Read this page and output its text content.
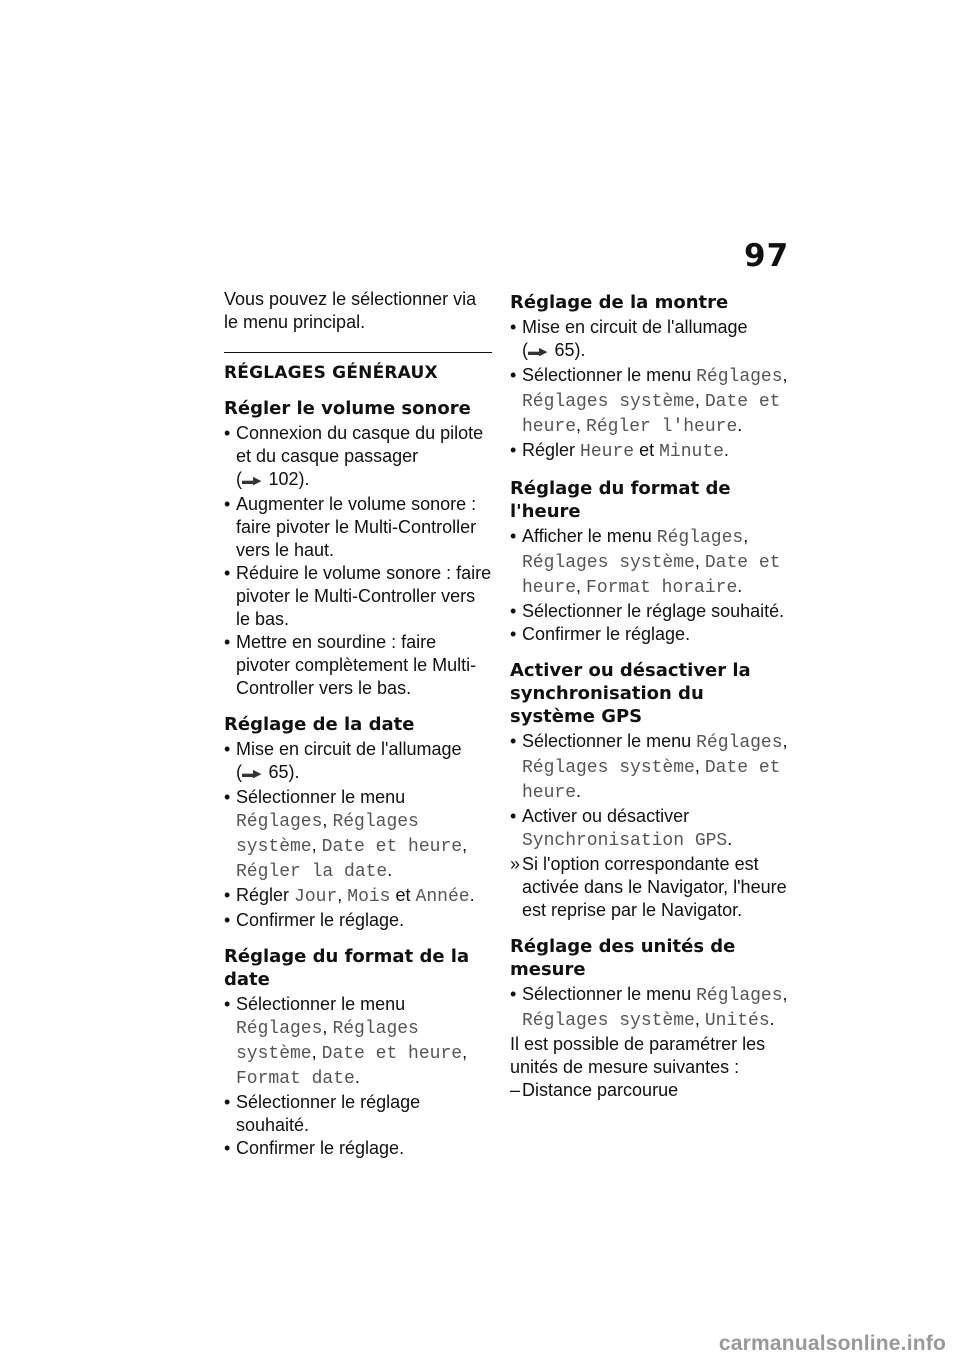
97

Vous pouvez le sélectionner via le menu principal.

RÉGLAGES GÉNÉRAUX
Régler le volume sonore
• Connexion du casque du pilote et du casque passager (▬▶ 102).
• Augmenter le volume sonore : faire pivoter le Multi-Controller vers le haut.
• Réduire le volume sonore : faire pivoter le Multi-Controller vers le bas.
• Mettre en sourdine : faire pivoter complètement le Multi-Controller vers le bas.
Réglage de la date
• Mise en circuit de l'allumage (▬▶ 65).
• Sélectionner le menu Réglages, Réglages système, Date et heure, Régler la date.
• Régler Jour, Mois et Année.
• Confirmer le réglage.
Réglage du format de la date
• Sélectionner le menu Réglages, Réglages système, Date et heure, Format date.
• Sélectionner le réglage souhaité.
• Confirmer le réglage.
Réglage de la montre
• Mise en circuit de l'allumage (▬▶ 65).
• Sélectionner le menu Réglages, Réglages système, Date et heure, Régler l'heure.
• Régler Heure et Minute.
Réglage du format de l'heure
• Afficher le menu Réglages, Réglages système, Date et heure, Format horaire.
• Sélectionner le réglage souhaité.
• Confirmer le réglage.
Activer ou désactiver la synchronisation du système GPS
• Sélectionner le menu Réglages, Réglages système, Date et heure.
• Activer ou désactiver Synchronisation GPS.
» Si l'option correspondante est activée dans le Navigator, l'heure est reprise par le Navigator.
Réglage des unités de mesure
• Sélectionner le menu Réglages, Réglages système, Unités.

Il est possible de paramétrer les unités de mesure suivantes :

– Distance parcourue
carmanualsonline.info
